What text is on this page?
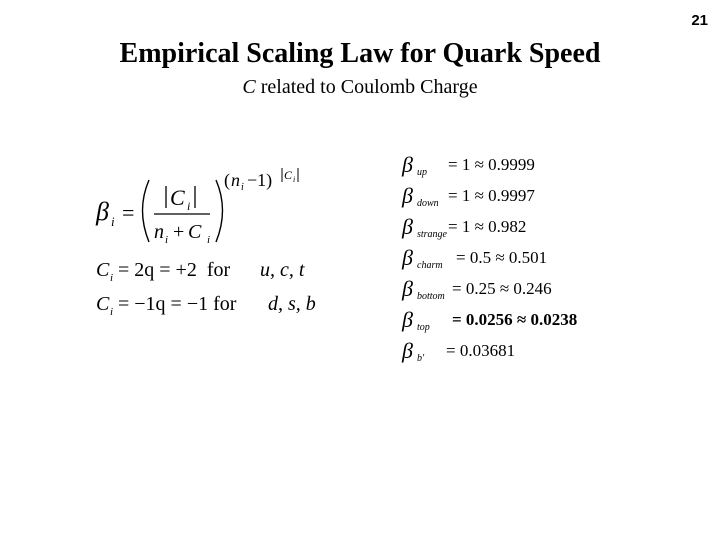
21
Empirical Scaling Law for Quark Speed
C related to Coulomb Charge
β i =
C i
n i + C i
( n i −1) C i
C i = 2q = +2  for u, c, t
C i = −1q = −1 for d, s, b
β up = 1 ≈ 0.9999
β down = 1 ≈ 0.9997
β strange = 1 ≈ 0.982
β charm = 0.5 ≈ 0.501
β bottom = 0.25 ≈ 0.246
β top = 0.0256 ≈ 0.0238
β b' = 0.03681
